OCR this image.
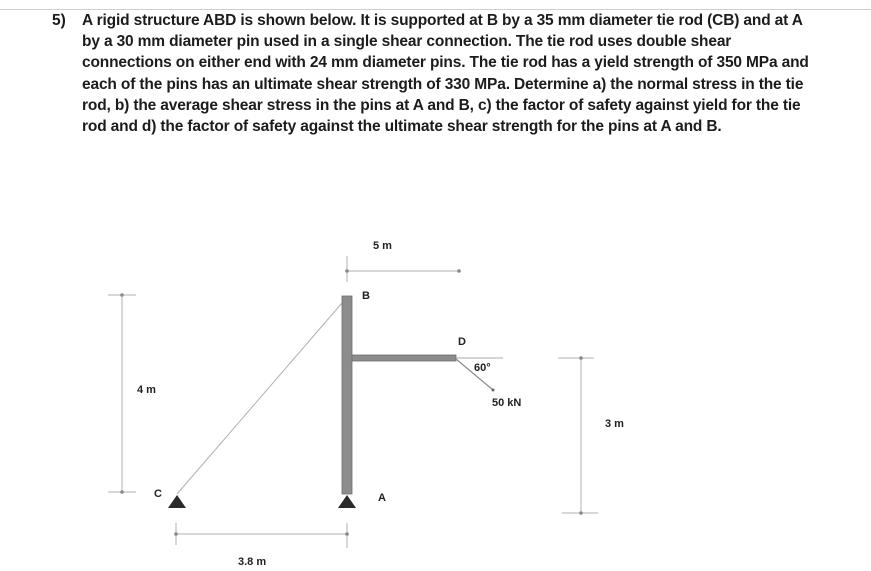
5) A rigid structure ABD is shown below. It is supported at B by a 35 mm diameter tie rod (CB) and at A by a 30 mm diameter pin used in a single shear connection. The tie rod uses double shear connections on either end with 24 mm diameter pins. The tie rod has a yield strength of 350 MPa and each of the pins has an ultimate shear strength of 330 MPa. Determine a) the normal stress in the tie rod, b) the average shear stress in the pins at A and B, c) the factor of safety against yield for the tie rod and d) the factor of safety against the ultimate shear strength for the pins at A and B.
5 m
B
D
60°
50 kN
4 m
C	A
3.8 m
3 m
